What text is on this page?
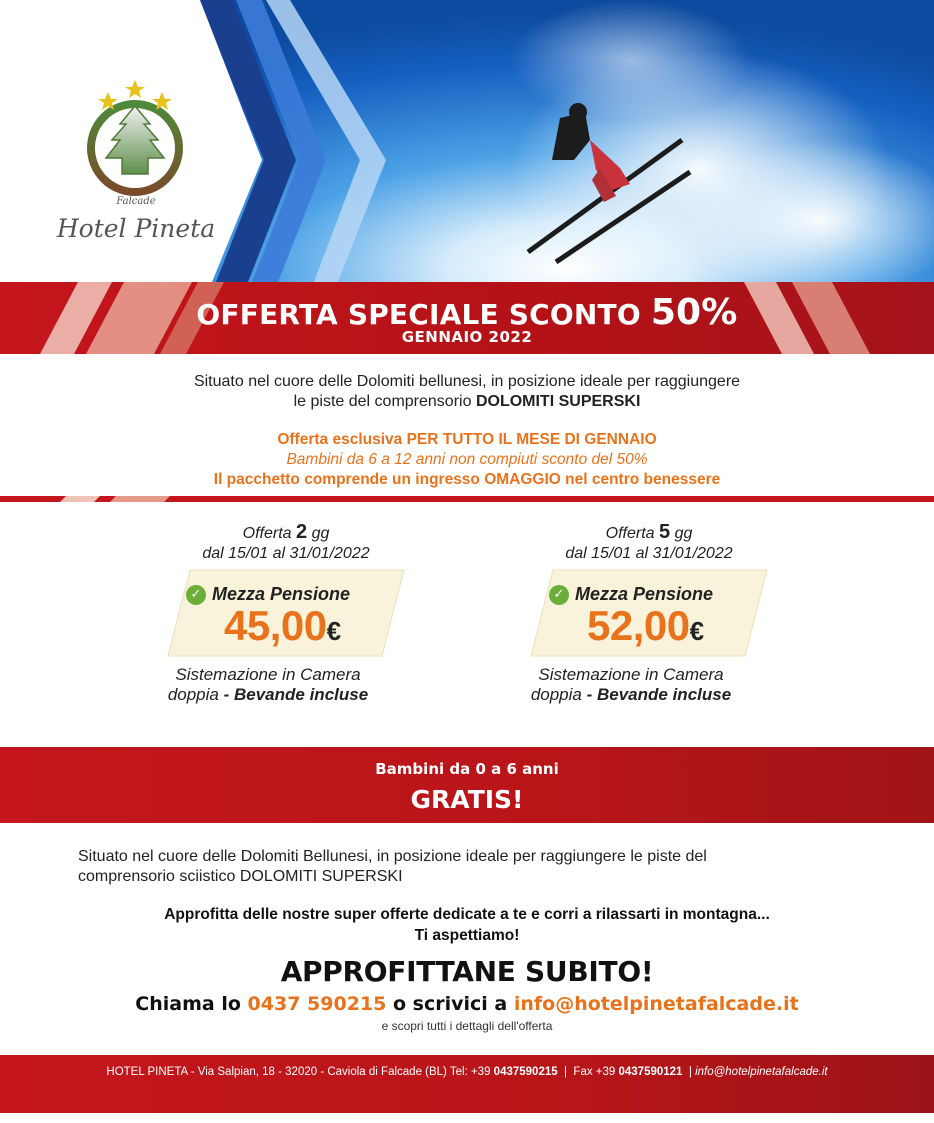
Falcade
Hotel Pineta
OFFERTA SPECIALE SCONTO 50%
GENNAIO 2022
Situato nel cuore delle Dolomiti bellunesi, in posizione ideale per raggiungere
le piste del comprensorio DOLOMITI SUPERSKI
Offerta esclusiva PER TUTTO IL MESE DI GENNAIO
Bambini da 6 a 12 anni non compiuti sconto del 50%
Il pacchetto comprende un ingresso OMAGGIO nel centro benessere
Offerta 2 gg
dal 15/01 al 31/01/2022
✓ Mezza Pensione
45,00€
Sistemazione in Camera
doppia - Bevande incluse
Offerta 5 gg
dal 15/01 al 31/01/2022
✓ Mezza Pensione
52,00€
Sistemazione in Camera
doppia - Bevande incluse
Bambini da 0 a 6 anni
GRATIS!
Situato nel cuore delle Dolomiti Bellunesi, in posizione ideale per raggiungere le piste del
comprensorio sciistico DOLOMITI SUPERSKI
Approfitta delle nostre super offerte dedicate a te e corri a rilassarti in montagna...
Ti aspettiamo!
APPROFITTANE SUBITO!
Chiama lo 0437 590215 o scrivici a info@hotelpinetafalcade.it
e scopri tutti i dettagli dell'offerta
HOTEL PINETA - Via Salpian, 18 - 32020 - Caviola di Falcade (BL) Tel: +39 0437590215 | Fax +39 0437590121 | info@hotelpinetafalcade.it
